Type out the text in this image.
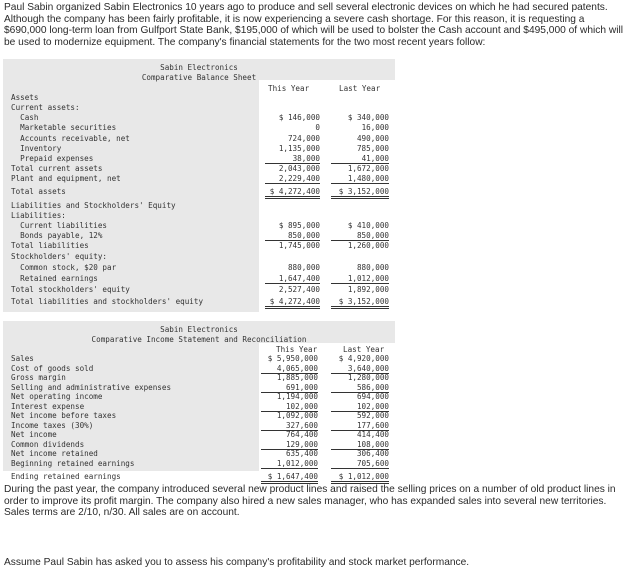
Paul Sabin organized Sabin Electronics 10 years ago to produce and sell several electronic devices on which he had secured patents. Although the company has been fairly profitable, it is now experiencing a severe cash shortage. For this reason, it is requesting a $690,000 long-term loan from Gulfport State Bank, $195,000 of which will be used to bolster the Cash account and $495,000 of which will be used to modernize equipment. The company's financial statements for the two most recent years follow:
Sabin Electronics
Comparative Balance Sheet
This Year	Last Year
Assets
Current assets:
Cash	$ 146,000	$ 340,000
Marketable securities	0	16,000
Accounts receivable, net	724,000	490,000
Inventory	1,135,000	785,000
Prepaid expenses	38,000	41,000
Total current assets	2,043,000	1,672,000
Plant and equipment, net	2,229,400	1,480,000
Total assets	$ 4,272,400	$ 3,152,000
Liabilities and Stockholders' Equity
Liabilities:
Current liabilities	$ 895,000	$ 410,000
Bonds payable, 12%	850,000	850,000
Total liabilities	1,745,000	1,260,000
Stockholders' equity:
Common stock, $20 par	880,000	880,000
Retained earnings	1,647,400	1,012,000
Total stockholders' equity	2,527,400	1,892,000
Total liabilities and stockholders' equity	$ 4,272,400	$ 3,152,000
Sabin Electronics
Comparative Income Statement and Reconciliation
This Year	Last Year
Sales	$ 5,950,000	$ 4,920,000
Cost of goods sold	4,065,000	3,640,000
Gross margin	1,885,000	1,280,000
Selling and administrative expenses	691,000	586,000
Net operating income	1,194,000	694,000
Interest expense	102,000	102,000
Net income before taxes	1,092,000	592,000
Income taxes (30%)	327,600	177,600
Net income	764,400	414,400
Common dividends	129,000	108,000
Net income retained	635,400	306,400
Beginning retained earnings	1,012,000	705,600
Ending retained earnings	$ 1,647,400	$ 1,012,000
During the past year, the company introduced several new product lines and raised the selling prices on a number of old product lines in order to improve its profit margin. The company also hired a new sales manager, who has expanded sales into several new territories. Sales terms are 2/10, n/30. All sales are on account.
Assume Paul Sabin has asked you to assess his company's profitability and stock market performance.
